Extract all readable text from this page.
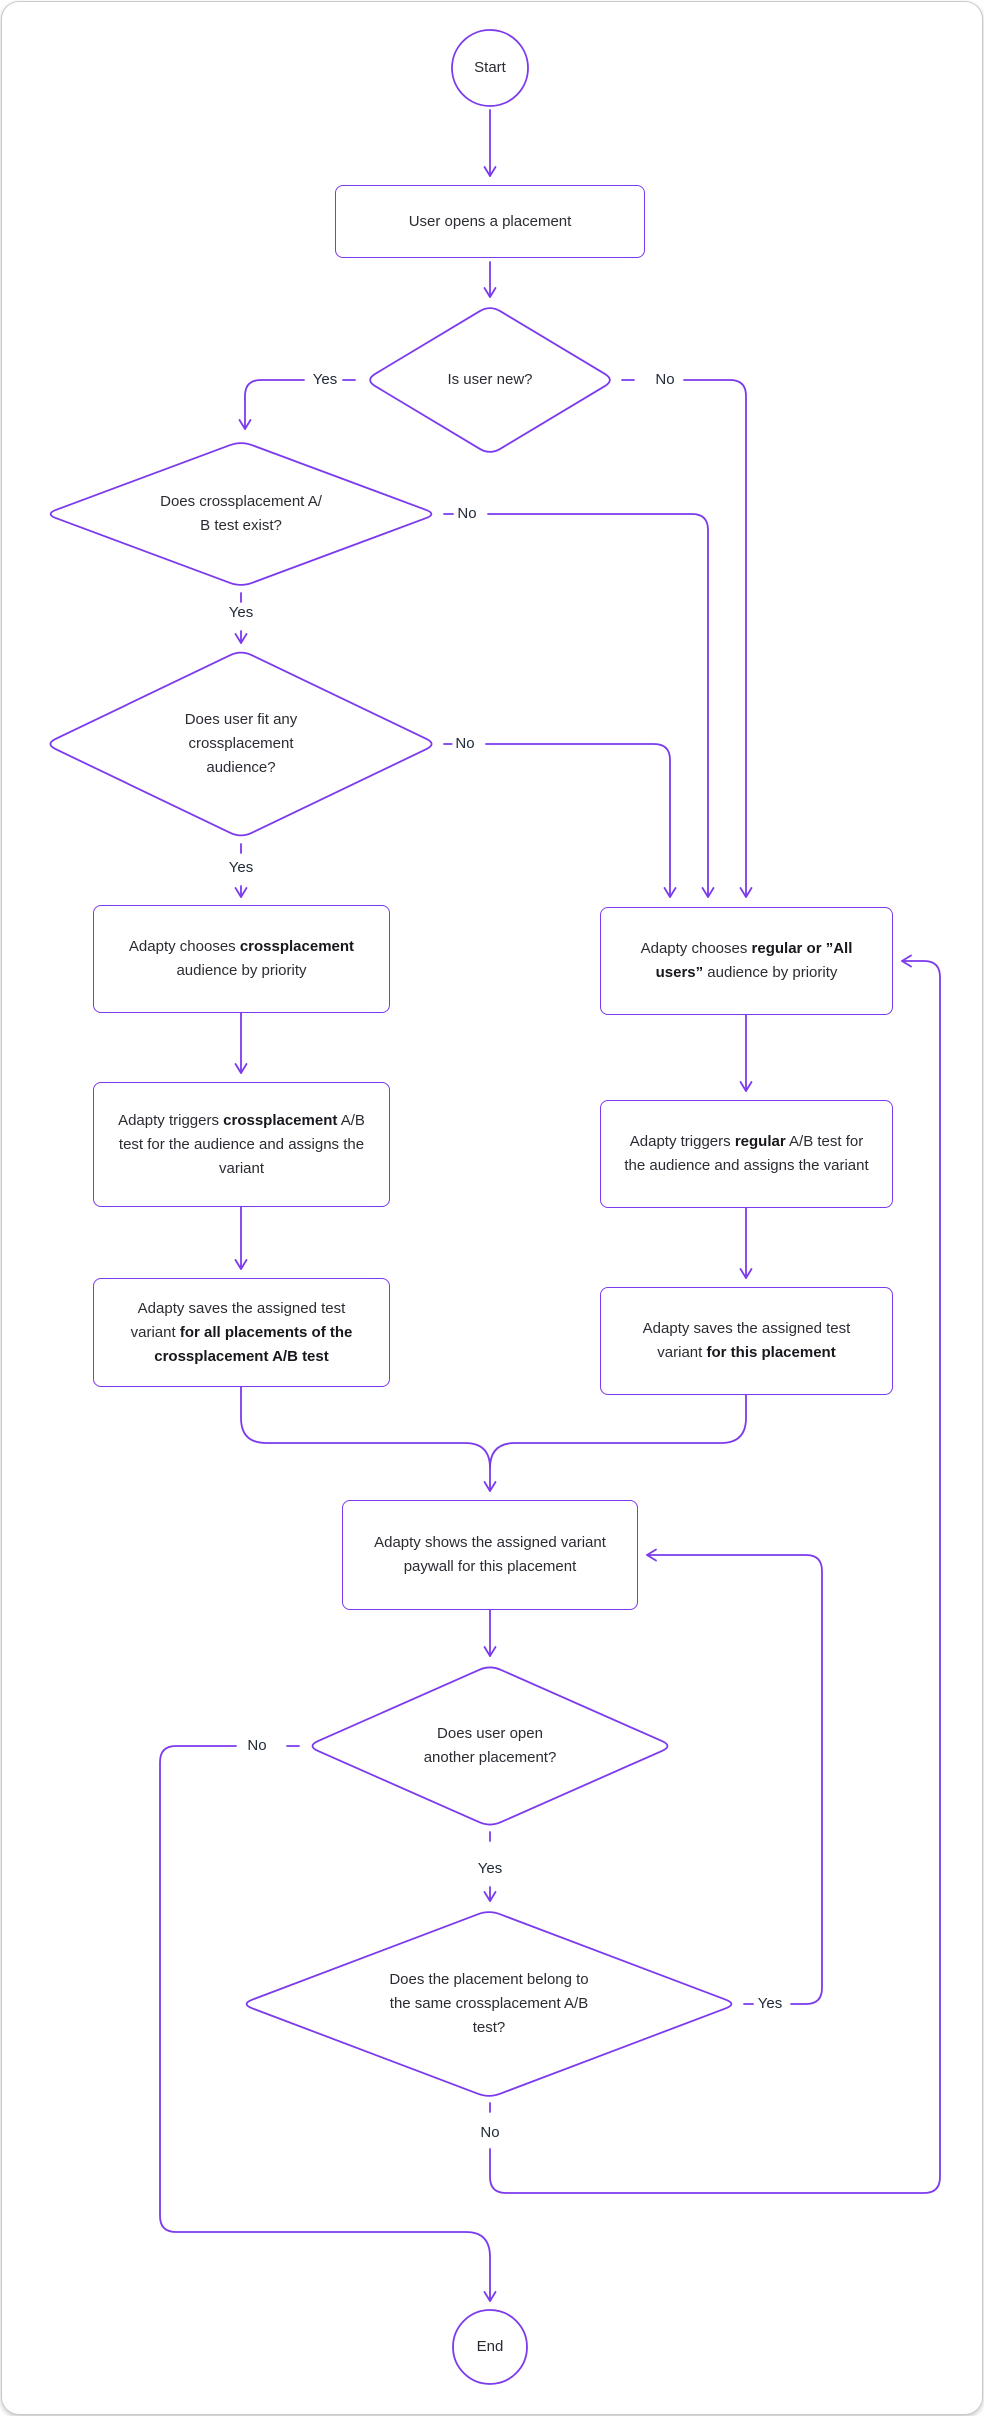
Start
End
User opens a placement
Adapty chooses crossplacement audience by priority
Adapty triggers crossplacement A/B test for the audience and assigns the variant
Adapty saves the assigned test variant for all placements of the crossplacement A/B test
Adapty chooses regular or ”All users” audience by priority
Adapty triggers regular A/B test for the audience and assigns the variant
Adapty saves the assigned test variant for this placement
Adapty shows the assigned variant paywall for this placement
Is user new?
Does crossplacement A/
B test exist?
Does user fit any
crossplacement
audience?
Does user open
another placement?
Does the placement belong to
the same crossplacement A/B
test?
Yes	No
No
Yes
No
Yes
No
Yes
Yes
No
